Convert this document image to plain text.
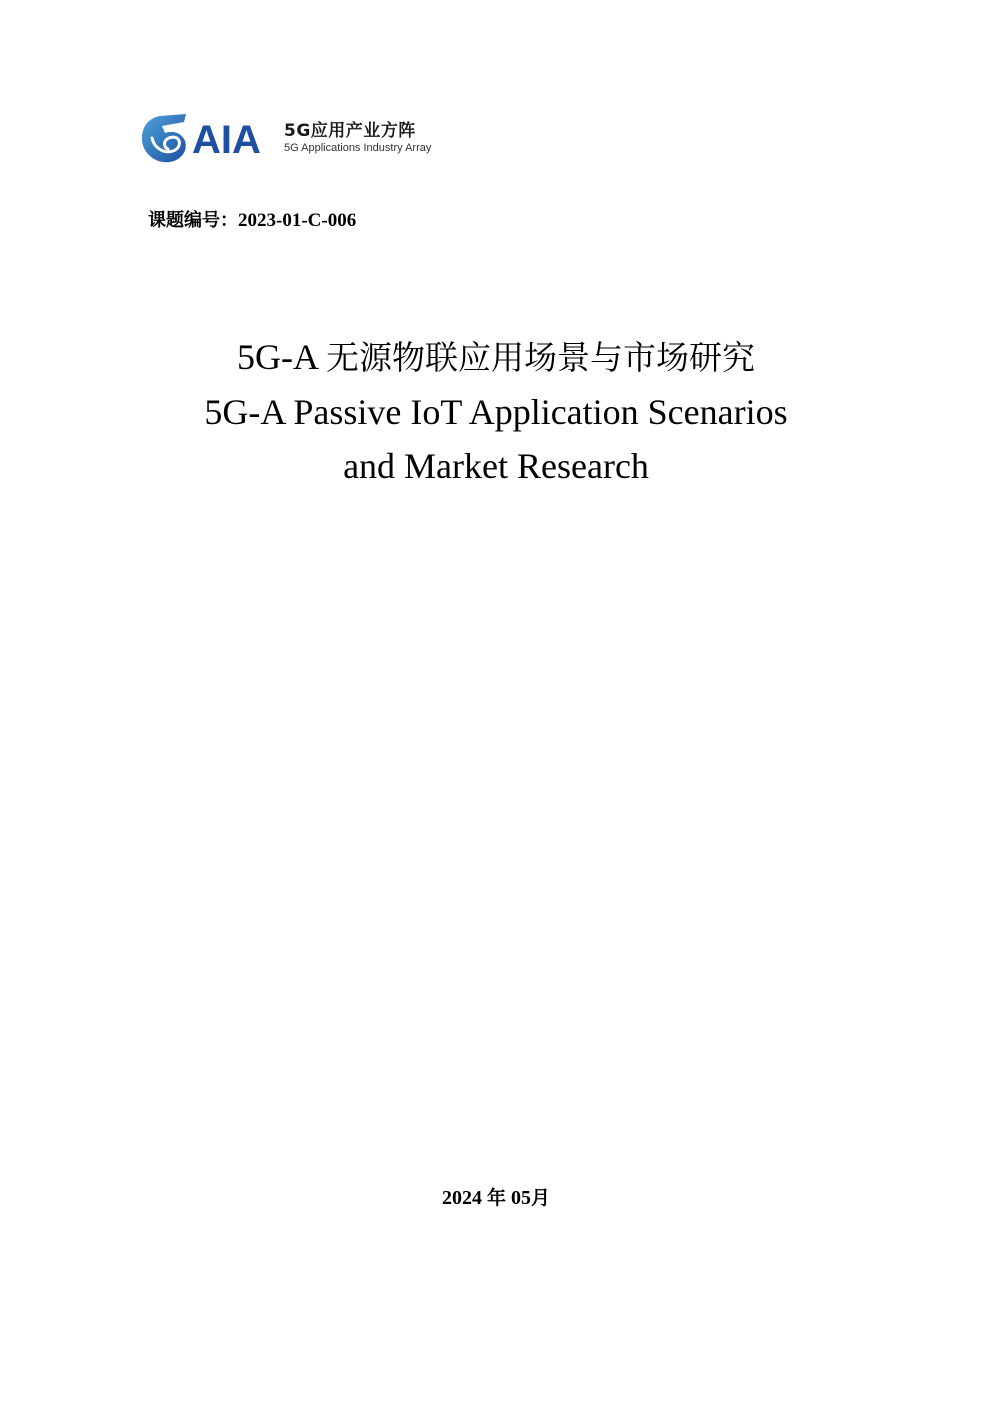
AIA 5G应用产业方阵
5G Applications Industry Array
课题编号：2023-01-C-006
5G-A 无源物联应用场景与市场研究
5G-A Passive IoT Application Scenarios
and Market Research
2024 年 05月
